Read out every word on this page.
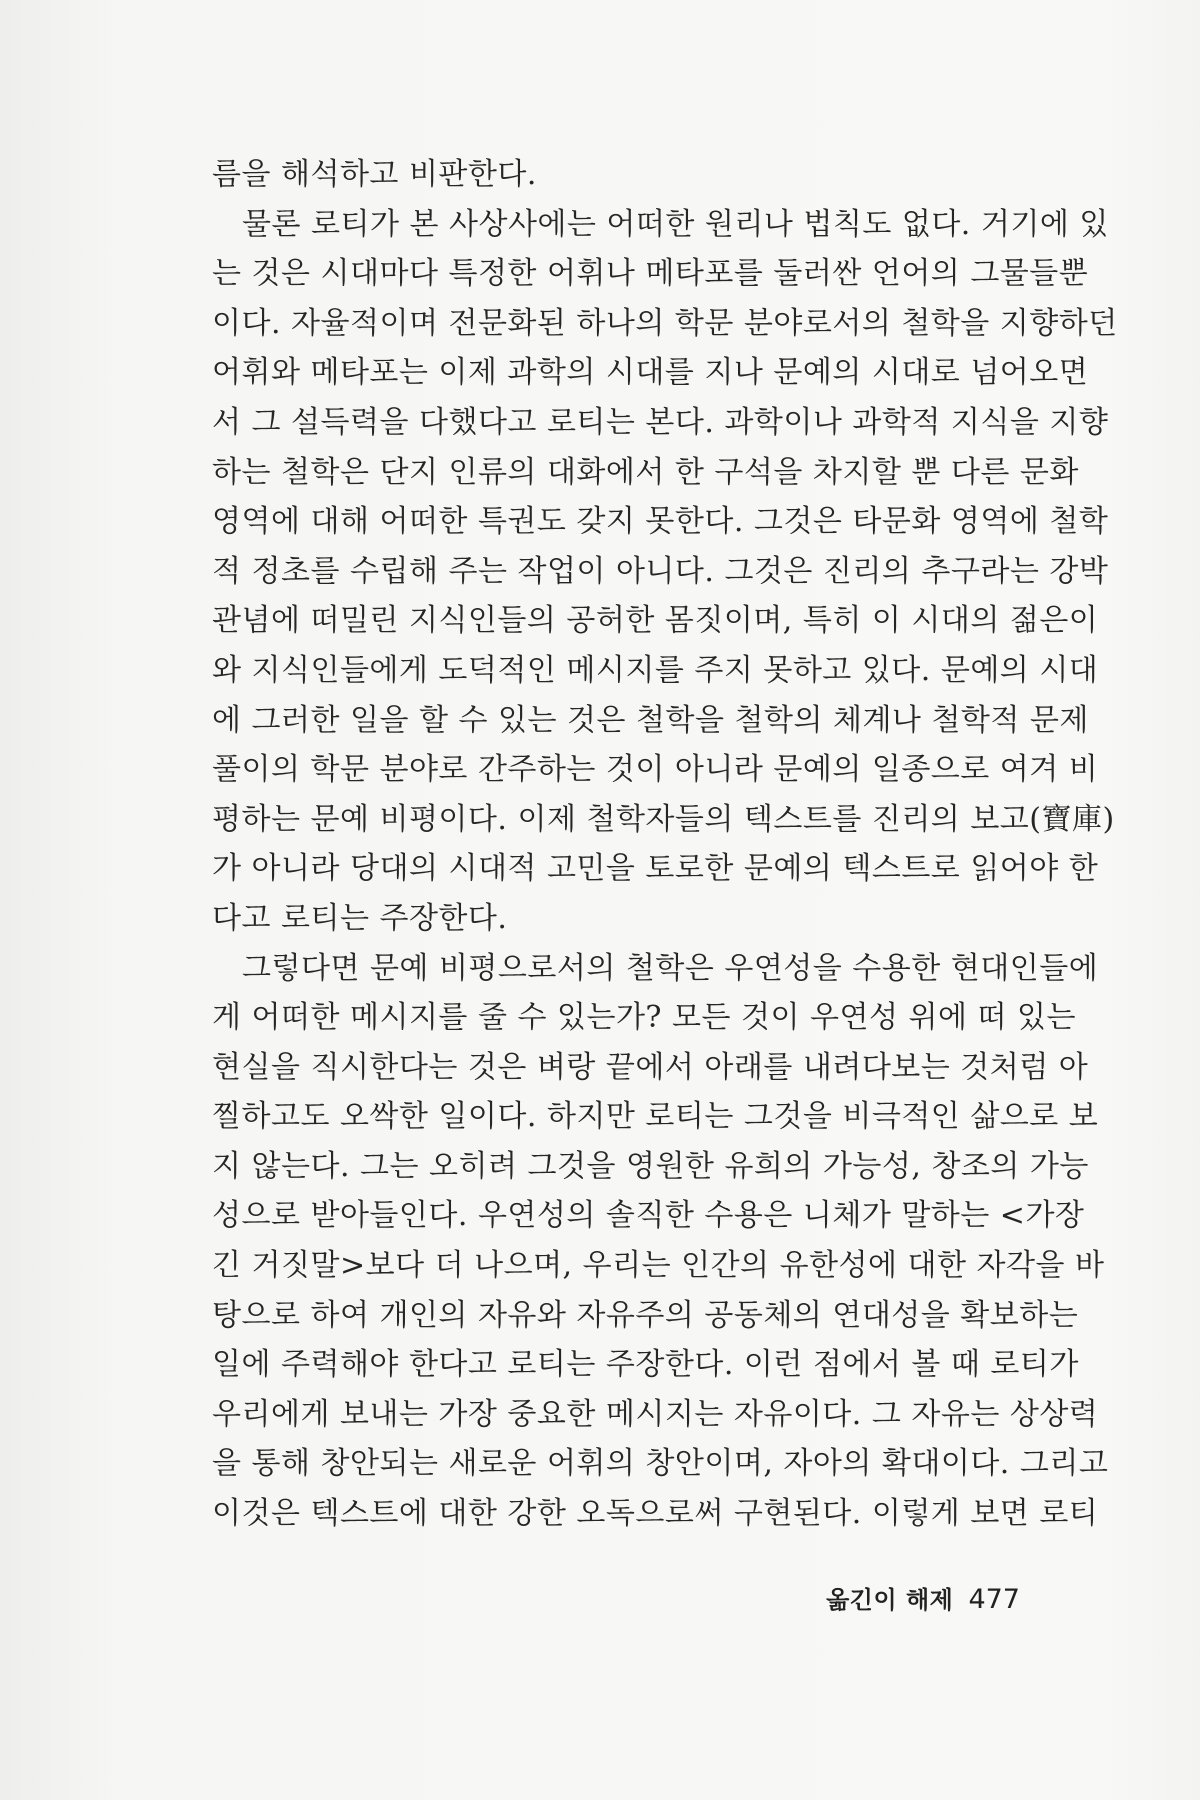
름을 해석하고 비판한다.
물론 로티가 본 사상사에는 어떠한 원리나 법칙도 없다. 거기에 있
는 것은 시대마다 특정한 어휘나 메타포를 둘러싼 언어의 그물들뿐
이다. 자율적이며 전문화된 하나의 학문 분야로서의 철학을 지향하던
어휘와 메타포는 이제 과학의 시대를 지나 문예의 시대로 넘어오면
서 그 설득력을 다했다고 로티는 본다. 과학이나 과학적 지식을 지향
하는 철학은 단지 인류의 대화에서 한 구석을 차지할 뿐 다른 문화
영역에 대해 어떠한 특권도 갖지 못한다. 그것은 타문화 영역에 철학
적 정초를 수립해 주는 작업이 아니다. 그것은 진리의 추구라는 강박
관념에 떠밀린 지식인들의 공허한 몸짓이며, 특히 이 시대의 젊은이
와 지식인들에게 도덕적인 메시지를 주지 못하고 있다. 문예의 시대
에 그러한 일을 할 수 있는 것은 철학을 철학의 체계나 철학적 문제
풀이의 학문 분야로 간주하는 것이 아니라 문예의 일종으로 여겨 비
평하는 문예 비평이다. 이제 철학자들의 텍스트를 진리의 보고(寶庫)
가 아니라 당대의 시대적 고민을 토로한 문예의 텍스트로 읽어야 한
다고 로티는 주장한다.
그렇다면 문예 비평으로서의 철학은 우연성을 수용한 현대인들에
게 어떠한 메시지를 줄 수 있는가? 모든 것이 우연성 위에 떠 있는
현실을 직시한다는 것은 벼랑 끝에서 아래를 내려다보는 것처럼 아
찔하고도 오싹한 일이다. 하지만 로티는 그것을 비극적인 삶으로 보
지 않는다. 그는 오히려 그것을 영원한 유희의 가능성, 창조의 가능
성으로 받아들인다. 우연성의 솔직한 수용은 니체가 말하는 <가장
긴 거짓말>보다 더 나으며, 우리는 인간의 유한성에 대한 자각을 바
탕으로 하여 개인의 자유와 자유주의 공동체의 연대성을 확보하는
일에 주력해야 한다고 로티는 주장한다. 이런 점에서 볼 때 로티가
우리에게 보내는 가장 중요한 메시지는 자유이다. 그 자유는 상상력
을 통해 창안되는 새로운 어휘의 창안이며, 자아의 확대이다. 그리고
이것은 텍스트에 대한 강한 오독으로써 구현된다. 이렇게 보면 로티
옮긴이 해제 477
